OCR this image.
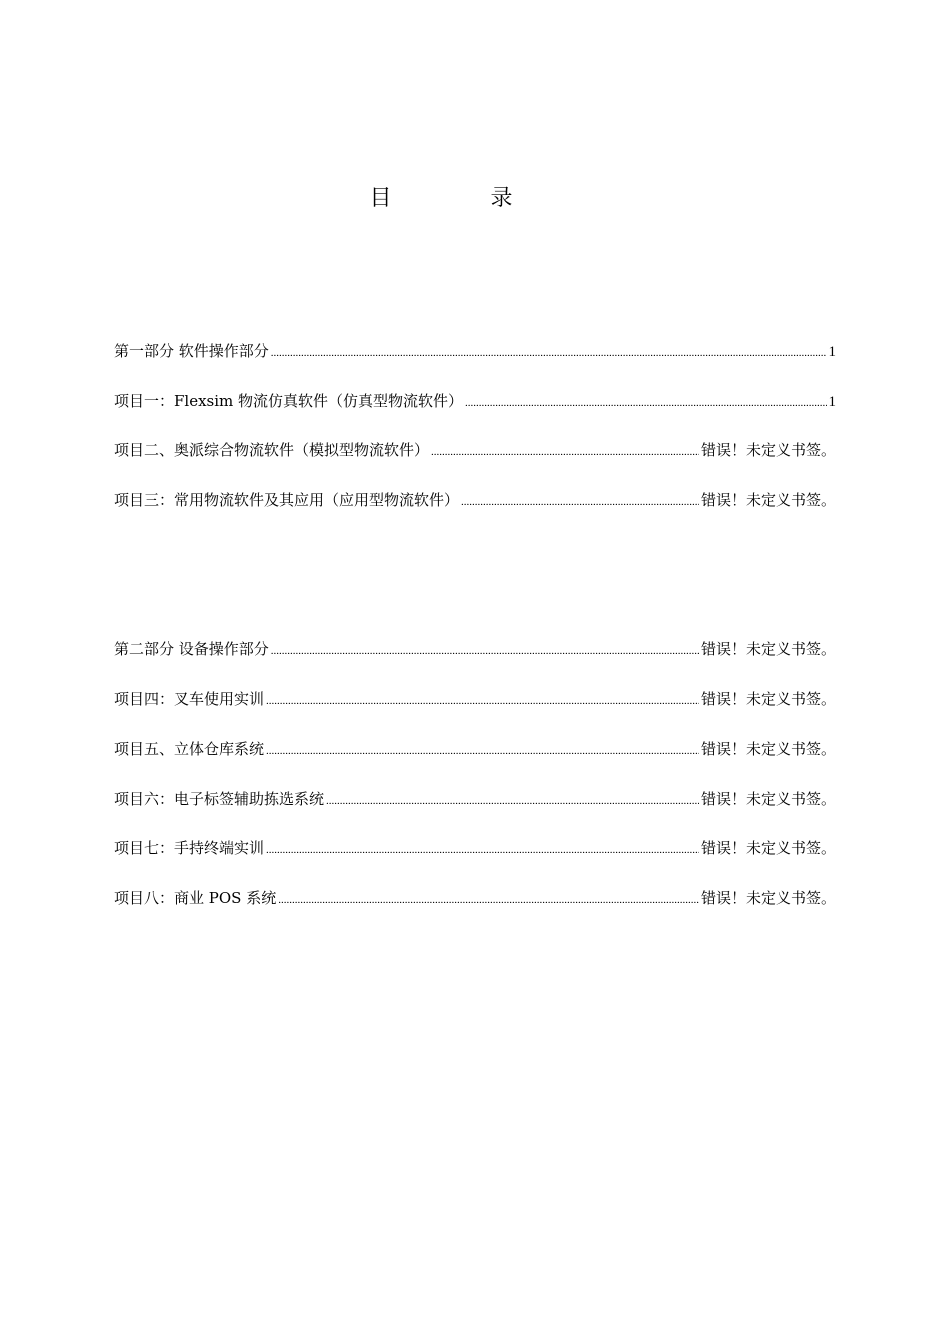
目 录
第一部分 软件操作部分 .....	1
项目一：Flexsim 物流仿真软件（仿真型物流软件） .....	1
项目二、奥派综合物流软件（模拟型物流软件） .....	错误！未定义书签。
项目三：常用物流软件及其应用（应用型物流软件） .....	错误！未定义书签。
第二部分 设备操作部分 .....	错误！未定义书签。
项目四：叉车使用实训 .....	错误！未定义书签。
项目五、立体仓库系统 .....	错误！未定义书签。
项目六：电子标签辅助拣选系统 .....	错误！未定义书签。
项目七：手持终端实训 .....	错误！未定义书签。
项目八：商业 POS 系统 .....	错误！未定义书签。
